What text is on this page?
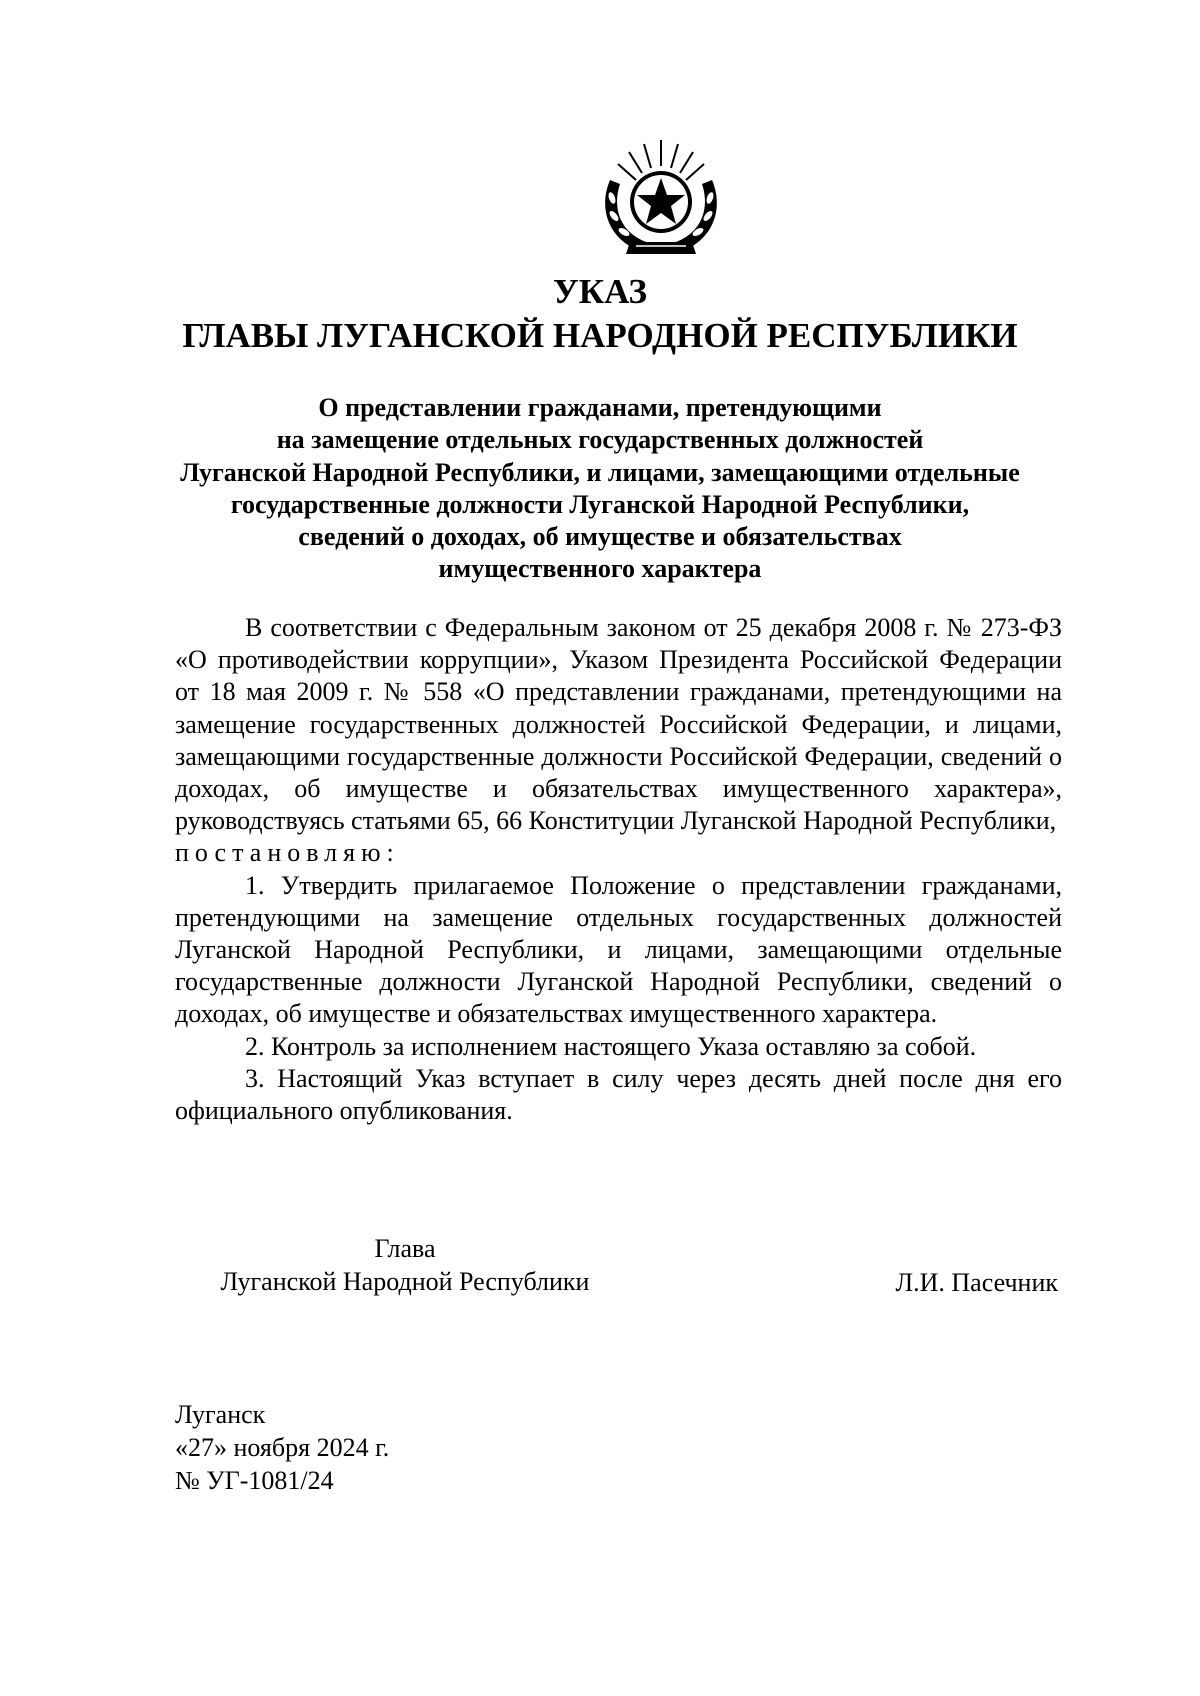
УКАЗ
ГЛАВЫ ЛУГАНСКОЙ НАРОДНОЙ РЕСПУБЛИКИ
О представлении гражданами, претендующими
на замещение отдельных государственных должностей
Луганской Народной Республики, и лицами, замещающими отдельные
государственные должности Луганской Народной Республики,
сведений о доходах, об имуществе и обязательствах
имущественного характера

В соответствии с Федеральным законом от 25 декабря 2008 г. № 273-ФЗ «О противодействии коррупции», Указом Президента Российской Федерации от 18 мая 2009 г. № 558 «О представлении гражданами, претендующими на замещение государственных должностей Российской Федерации, и лицами, замещающими государственные должности Российской Федерации, сведений о доходах, об имуществе и обязательствах имущественного характера», руководствуясь статьями 65, 66 Конституции Луганской Народной Республики,

постановляю:

1. Утвердить прилагаемое Положение о представлении гражданами, претендующими на замещение отдельных государственных должностей Луганской Народной Республики, и лицами, замещающими отдельные государственные должности Луганской Народной Республики, сведений о доходах, об имуществе и обязательствах имущественного характера.

2. Контроль за исполнением настоящего Указа оставляю за собой.

3. Настоящий Указ вступает в силу через десять дней после дня его официального опубликования.

Глава
Луганской Народной Республики	Л.И. Пасечник
Луганск
«27» ноября 2024 г.
№ УГ-1081/24
